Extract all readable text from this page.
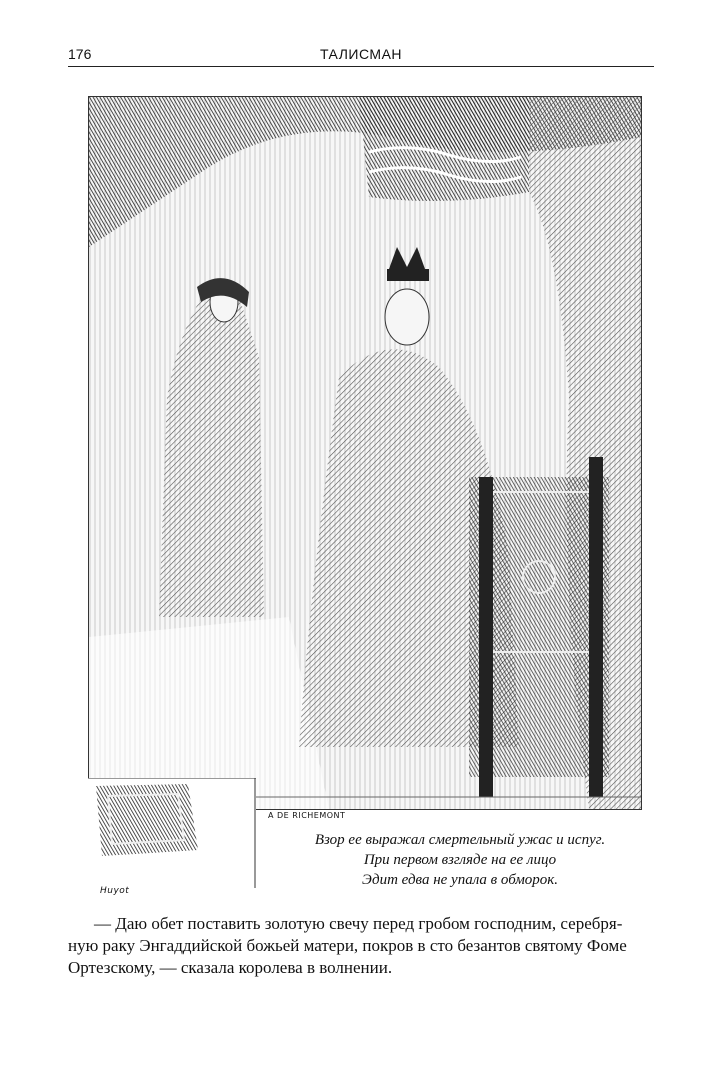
176	ТАЛИСМАН
Huyot
A DE RICHEMONT
Взор ее выражал смертельный ужас и испуг.
При первом взгляде на ее лицо
Эдит едва не упала в обморок.
— Даю обет поставить золотую свечу перед гробом господним, серебря-
ную раку Энгаддийской божьей матери, покров в сто безантов святому Фоме
Ортезскому, — сказала королева в волнении.
